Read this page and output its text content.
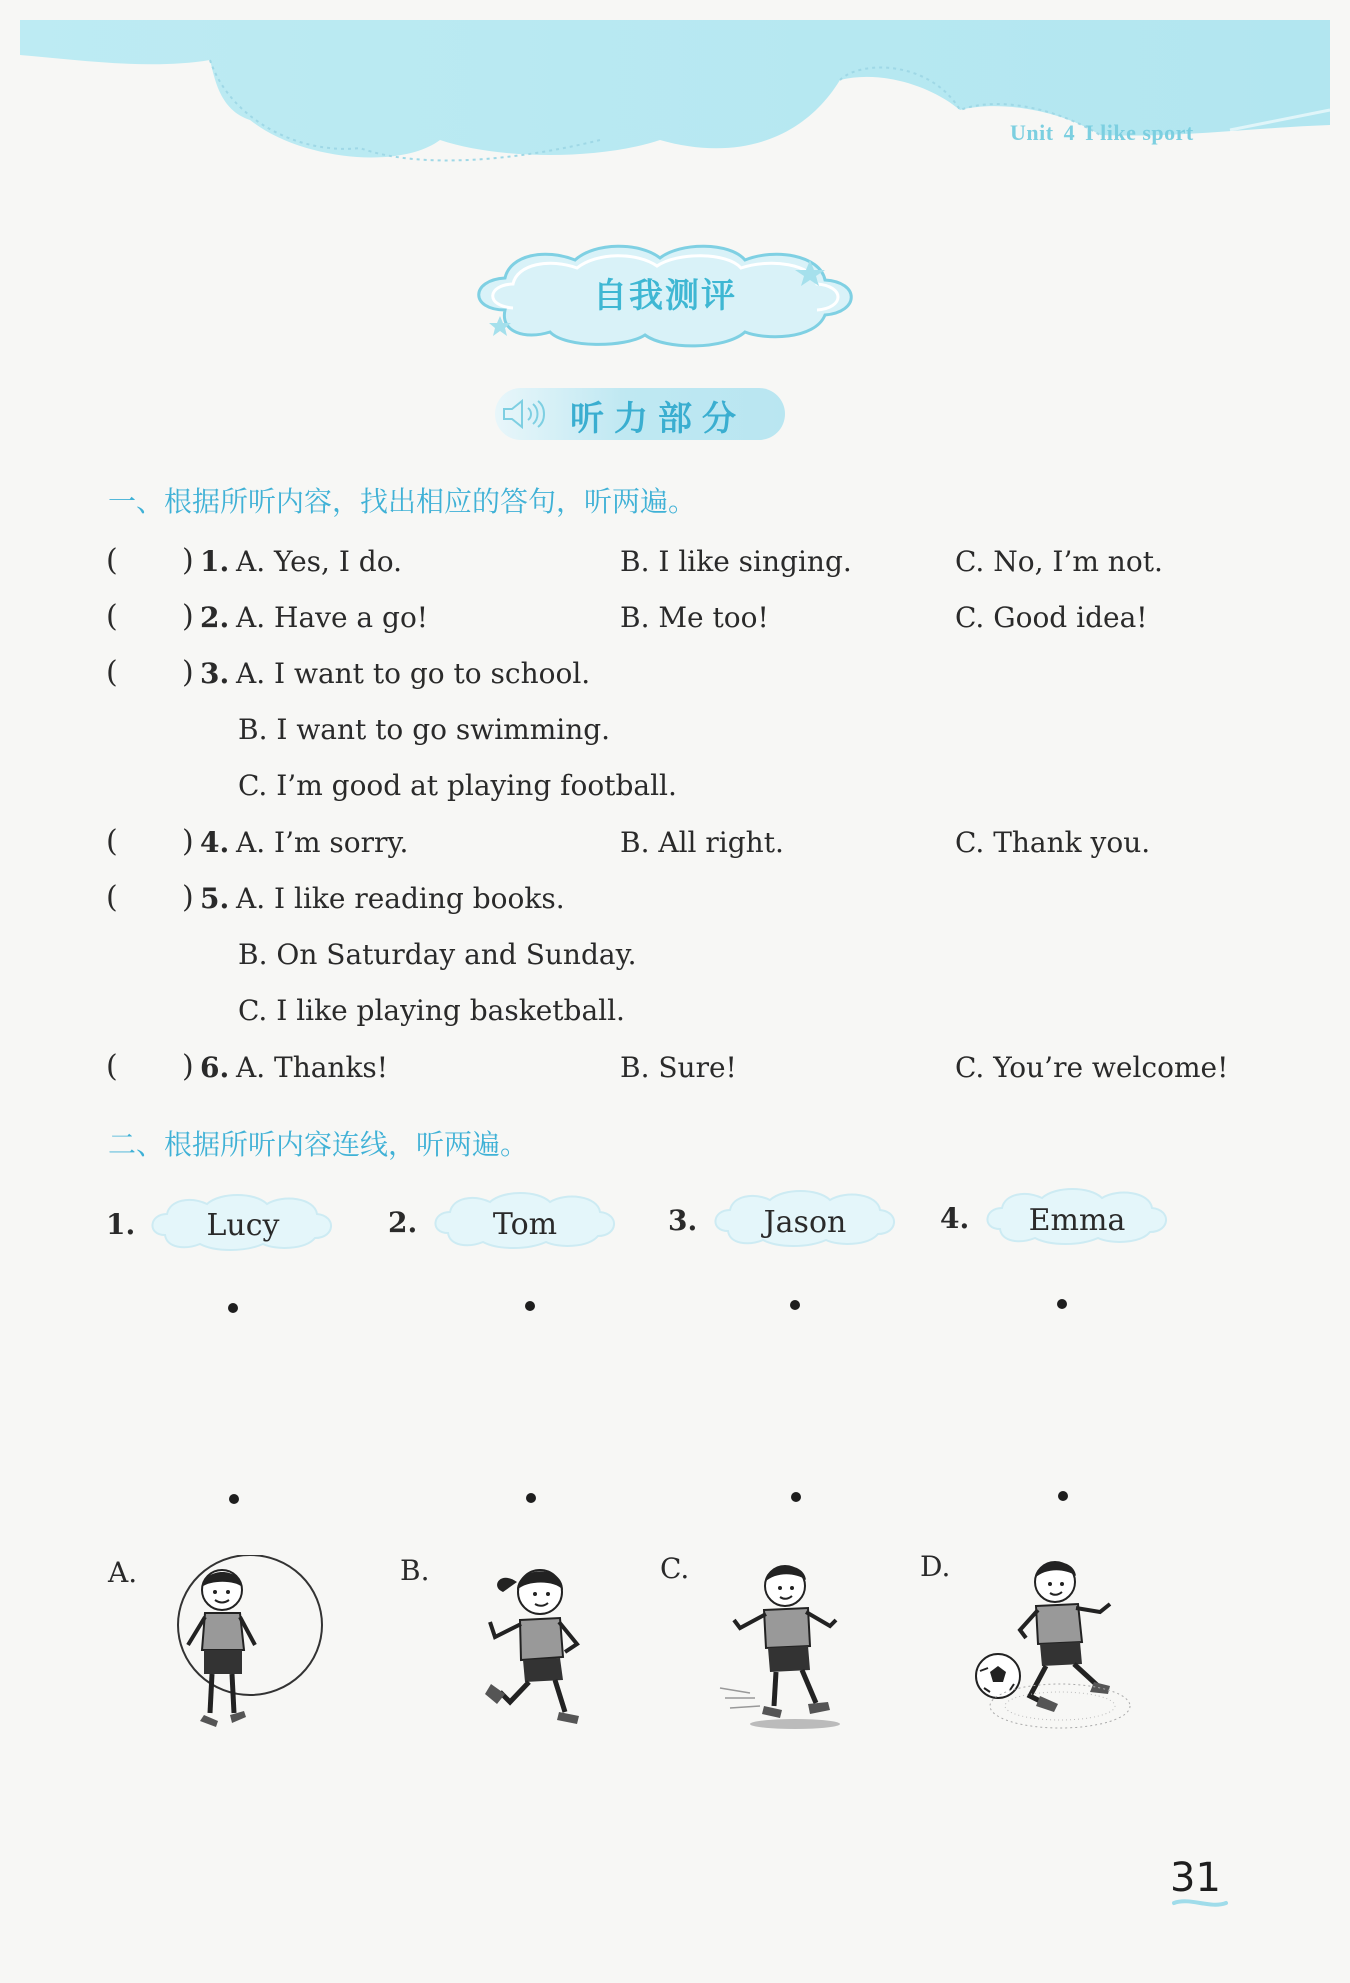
Unit 4 I like sport
自我测评
听力部分
一、根据所听内容，找出相应的答句，听两遍。
( ) 1. A. Yes, I do.	B. I like singing.	C. No, I’m not.
( ) 2. A. Have a go!	B. Me too!	C. Good idea!
( ) 3. A. I want to go to school.
B. I want to go swimming.
C. I’m good at playing football.
( ) 4. A. I’m sorry.	B. All right.	C. Thank you.
( ) 5. A. I like reading books.
B. On Saturday and Sunday.
C. I like playing basketball.
( ) 6. A. Thanks!	B. Sure!	C. You’re welcome!
二、根据所听内容连线，听两遍。
1.	Lucy	2.	Tom	3.	Jason	4.	Emma
A.	B.	C.	D.
31
